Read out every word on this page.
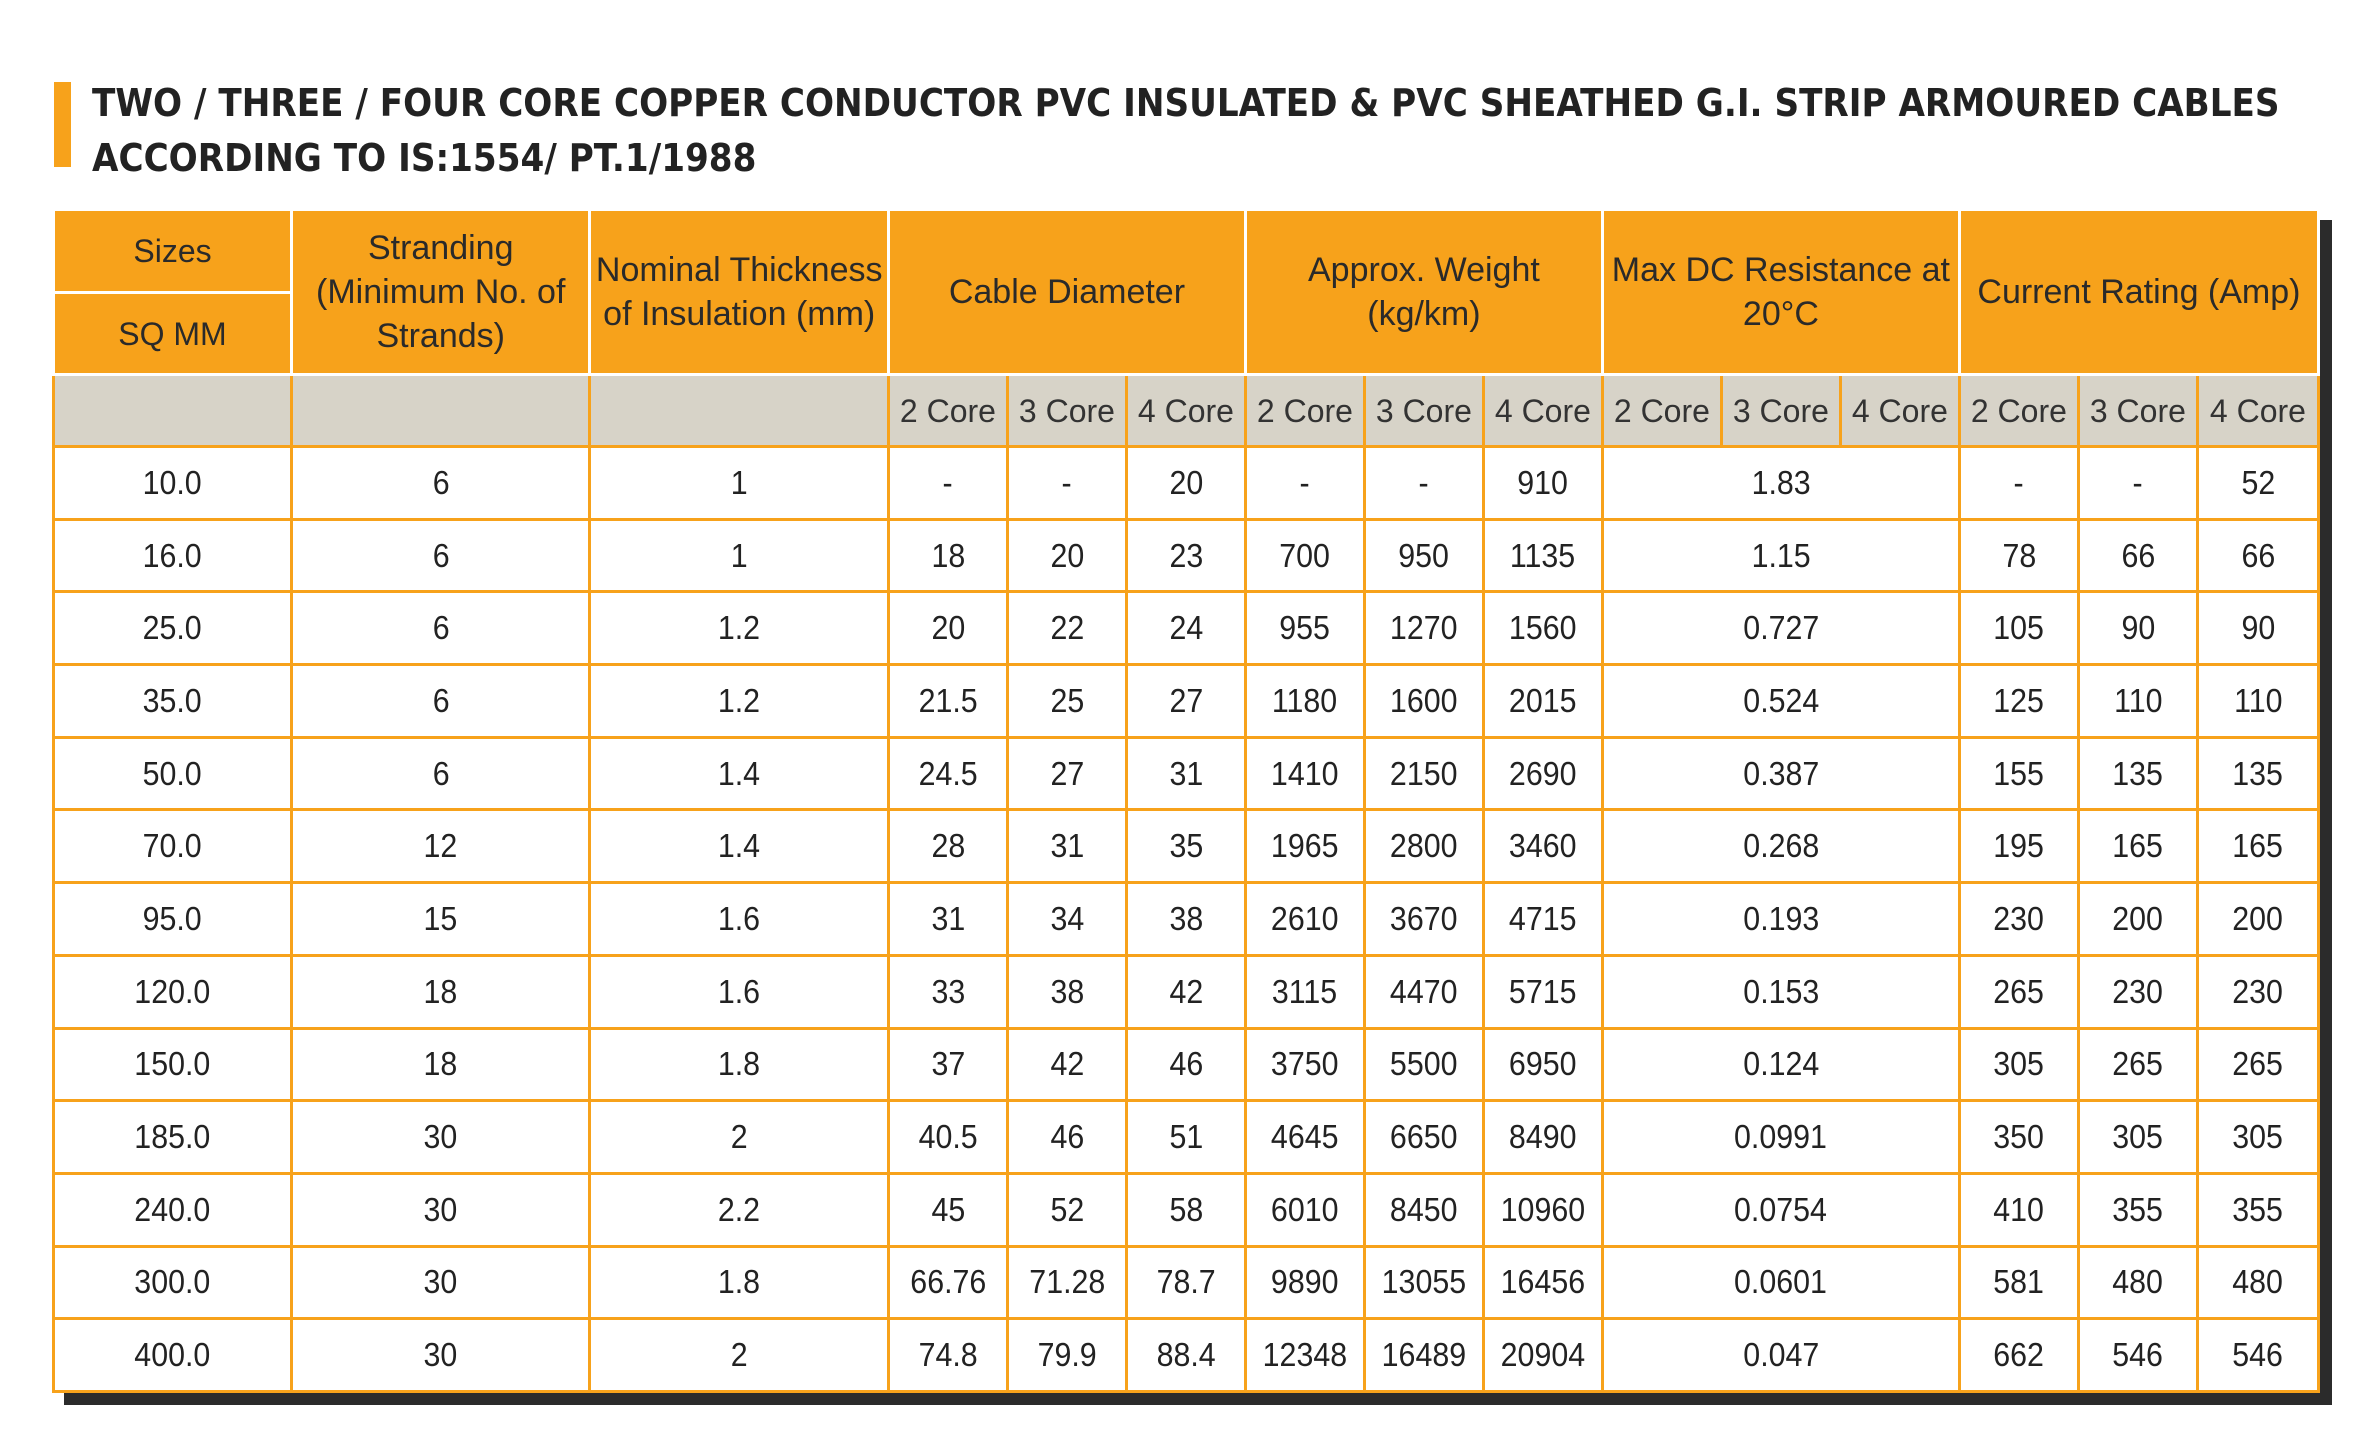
TWO / THREE / FOUR CORE COPPER CONDUCTOR PVC INSULATED & PVC SHEATHED G.I. STRIP ARMOURED CABLES
ACCORDING TO IS:1554/ PT.1/1988
Sizes	Stranding (Minimum No. of Strands)	Nominal Thickness of Insulation (mm)	Cable Diameter			Approx. Weight (kg/km)			Max DC Resistance at 20°C			Current Rating (Amp)		
SQ MM														
			2 Core	3 Core	4 Core	2 Core	3 Core	4 Core	2 Core	3 Core	4 Core	2 Core	3 Core	4 Core
10.0	6	1	-	-	20	-	-	910	1.83			-	-	52
16.0	6	1	18	20	23	700	950	1135	1.15			78	66	66
25.0	6	1.2	20	22	24	955	1270	1560	0.727			105	90	90
35.0	6	1.2	21.5	25	27	1180	1600	2015	0.524			125	110	110
50.0	6	1.4	24.5	27	31	1410	2150	2690	0.387			155	135	135
70.0	12	1.4	28	31	35	1965	2800	3460	0.268			195	165	165
95.0	15	1.6	31	34	38	2610	3670	4715	0.193			230	200	200
120.0	18	1.6	33	38	42	3115	4470	5715	0.153			265	230	230
150.0	18	1.8	37	42	46	3750	5500	6950	0.124			305	265	265
185.0	30	2	40.5	46	51	4645	6650	8490	0.0991			350	305	305
240.0	30	2.2	45	52	58	6010	8450	10960	0.0754			410	355	355
300.0	30	1.8	66.76	71.28	78.7	9890	13055	16456	0.0601			581	480	480
400.0	30	2	74.8	79.9	88.4	12348	16489	20904	0.047			662	546	546
